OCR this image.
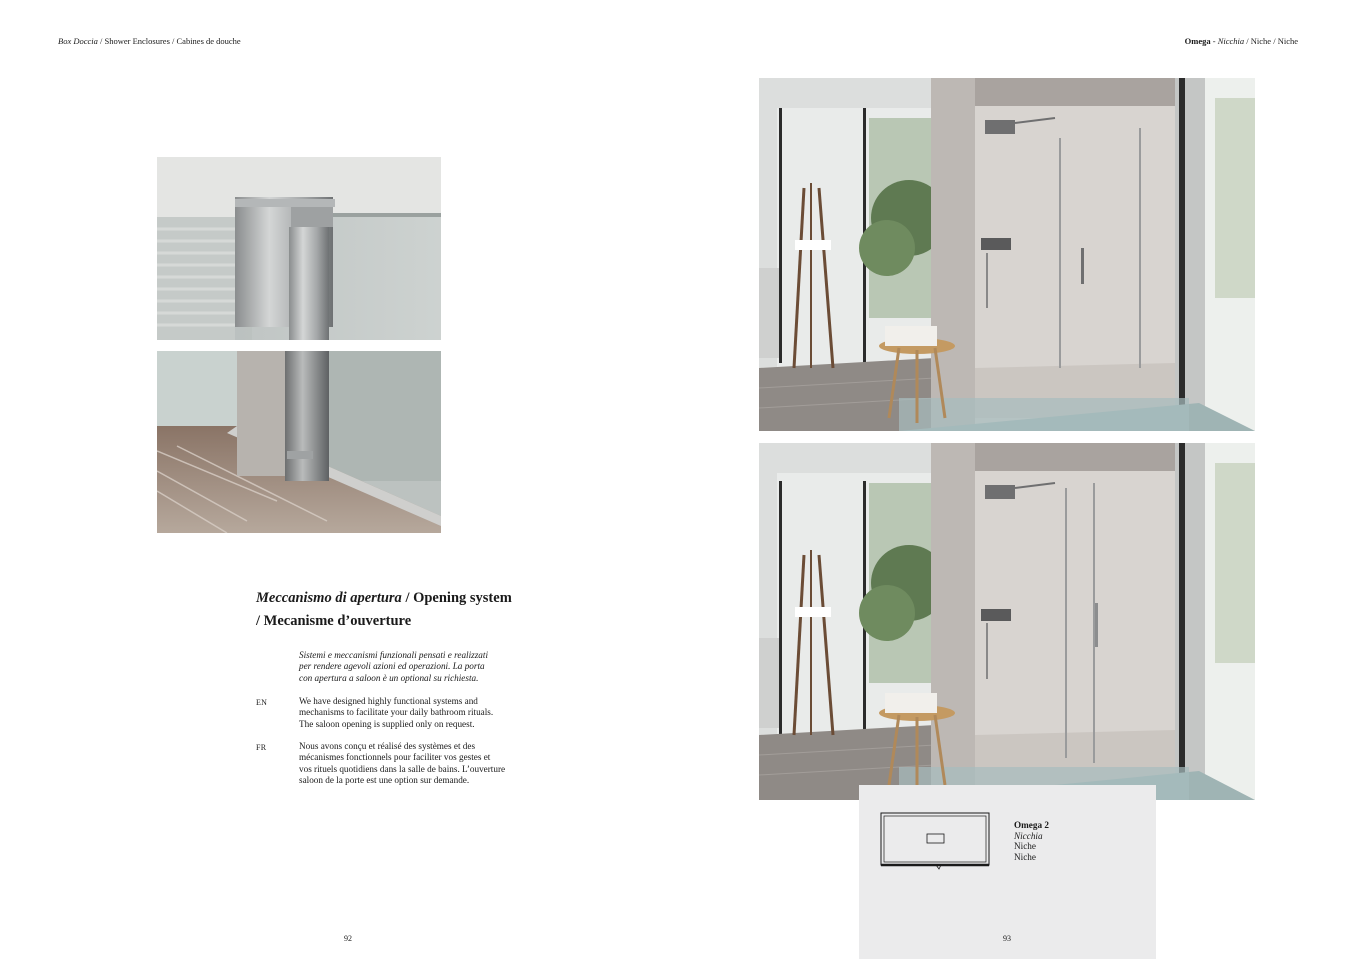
Box Doccia / Shower Enclosures / Cabines de douche	Omega - Nicchia / Niche / Niche
Meccanismo di apertura / Opening system
/ Mecanisme d’ouverture
Sistemi e meccanismi funzionali pensati e realizzati
per rendere agevoli azioni ed operazioni. La porta
con apertura a saloon è un optional su richiesta.
EN	We have designed highly functional systems and
mechanisms to facilitate your daily bathroom rituals.
The saloon opening is supplied only on request.
FR	Nous avons conçu et réalisé des systèmes et des
mécanismes fonctionnels pour faciliter vos gestes et
vos rituels quotidiens dans la salle de bains. L’ouverture
saloon de la porte est une option sur demande.
Omega 2
Nicchia
Niche
Niche
92	93
